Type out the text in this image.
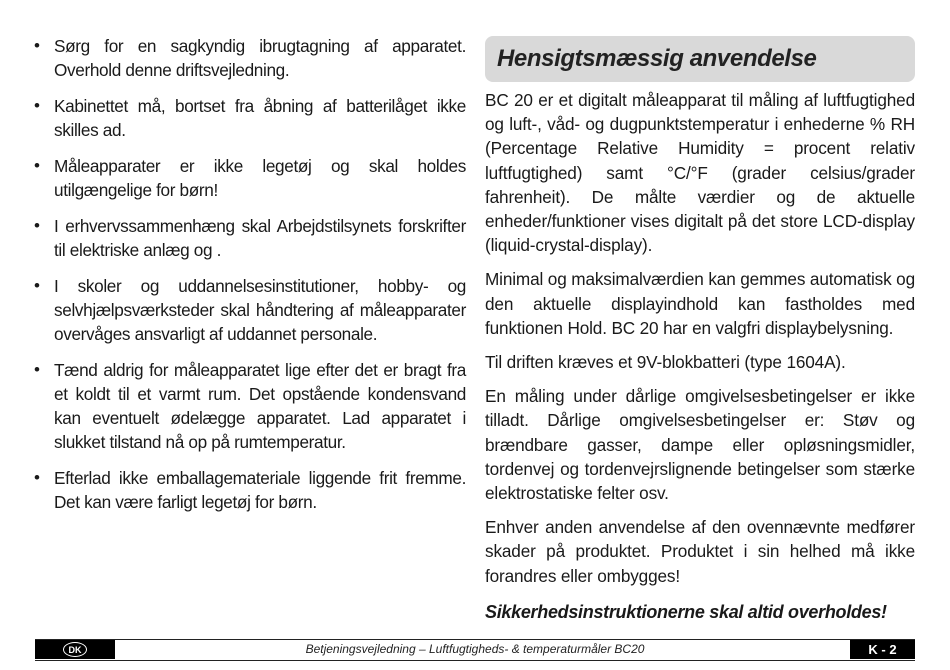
• Sørg for en sagkyndig ibrugtagning af apparatet. Overhold denne driftsvejledning.
• Kabinettet må, bortset fra åbning af batterilåget ikke skilles ad.
• Måleapparater er ikke legetøj og skal holdes utilgængelige for børn!
• I erhvervssammenhæng skal Arbejdstilsynets forskrifter til elektriske anlæg og .
• I skoler og uddannelsesinstitutioner, hobby- og selvhjælpsværksteder skal håndtering af måleapparater overvåges ansvarligt af uddannet personale.
• Tænd aldrig for måleapparatet lige efter det er bragt fra et koldt til et varmt rum. Det opstående kondensvand kan eventuelt ødelægge apparatet. Lad apparatet i slukket tilstand nå op på rumtemperatur.
• Efterlad ikke emballagemateriale liggende frit fremme. Det kan være farligt legetøj for børn.
Hensigtsmæssig anvendelse

BC 20 er et digitalt måleapparat til måling af luftfugtighed og luft-, våd- og dugpunktstemperatur i enhederne % RH (Percentage Relative Humidity = procent relativ luftfugtighed) samt °C/°F (grader celsius/grader fahrenheit). De målte værdier og de aktuelle enheder/funktioner vises digitalt på det store LCD-display (liquid-crystal-display).

Minimal og maksimalværdien kan gemmes automatisk og den aktuelle displayindhold kan fastholdes med funktionen Hold. BC 20 har en valgfri displaybelysning.

Til driften kræves et 9V-blokbatteri (type 1604A).

En måling under dårlige omgivelsesbetingelser er ikke tilladt. Dårlige omgivelsesbetingelser er: Støv og brændbare gasser, dampe eller opløsningsmidler, tordenvej og tordenvejrslignende betingelser som stærke elektrostatiske felter osv.

Enhver anden anvendelse af den ovennævnte medfører skader på produktet. Produktet i sin helhed må ikke forandres eller ombygges!

Sikkerhedsinstruktionerne skal altid overholdes!

DK	Betjeningsvejledning – Luftfugtigheds- & temperaturmåler BC20	K - 2
